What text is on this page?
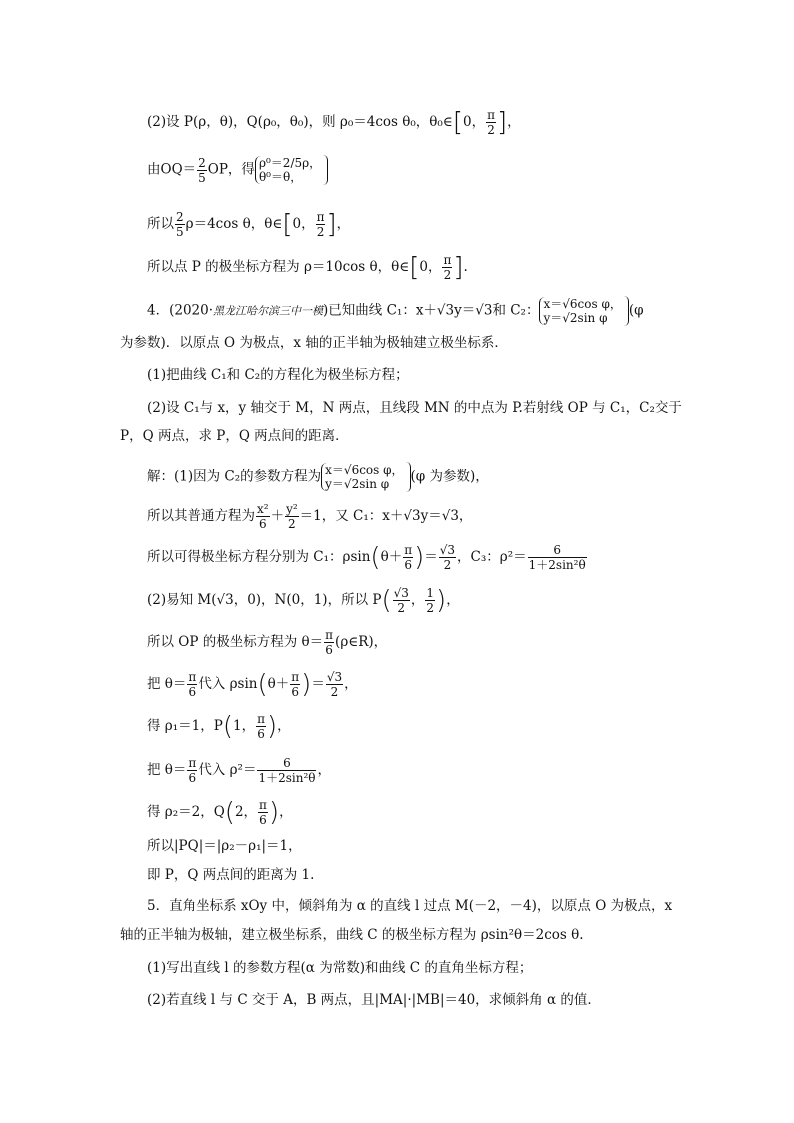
(2)设 P(ρ，θ)，Q(ρ₀，θ₀)，则 ρ₀＝4cos θ₀，θ₀∈[0， $\frac{\pi}{2}$ ]，
由$OQ= \frac{2}{5}$ OP，得 ρ⁰＝2/5ρ，
θ⁰＝θ，
所以 $\frac{2}{5} \rho=4\cos$ θ，θ∈[0， $\frac{\pi}{2}$ ]，
所以点 P 的极坐标方程为 ρ＝10cos θ，θ∈[0， $\frac{\pi}{2}$ ].
4．(2020·黑龙江哈尔滨三中一模)已知曲线 C₁：x＋√3y＝√3和 C₂： x＝√6cos φ，
y＝√2sin φ	(φ
为参数)．以原点 O 为极点，x 轴的正半轴为极轴建立极坐标系．
(1)把曲线 C₁和 C₂的方程化为极坐标方程；
(2)设 C₁与 x，y 轴交于 M，N 两点，且线段 MN 的中点为 P.若射线 OP 与 C₁，C₂交于
P，Q 两点，求 P，Q 两点间的距离．
解：(1)因为 C₂的参数方程为 x＝√6cos φ，
y＝√2sin φ	(φ 为参数)，
所以其普通方程为 $\frac{\text{x²}}{6} + \frac{\text{y²}}{2} =1$，又 C₁：x＋√3y＝√3，
所以可得极坐标方程分别为 C₁：$\rho\sin(\theta+ \frac{\pi}{6}$ )＝ $\frac{√3}{2}$ ，C₃：$\rho^2= \frac{6}{\text{1＋2sin²θ}}$
(2)易知 M(√3，0)，N(0，1)，所以 $P( \frac{√3}{2}$ ， $\frac{1}{2}$ )，
所以 OP 的极坐标方程为 $\theta= \frac{\pi}{6}$ (ρ∈R)，
把 $\theta= \frac{\pi}{6}$ 代入 $\rho\sin(\theta+ \frac{\pi}{6}$ )＝ $\frac{√3}{2}$ ，
得 ρ₁＝1，P(1， $\frac{\pi}{6}$ )，
把 $\theta= \frac{\pi}{6}$ 代入 $\rho^2= \frac{6}{\text{1＋2sin²θ}}$ ，
得 ρ₂＝2，Q(2， $\frac{\pi}{6}$ )，
所以|PQ|＝|ρ₂－ρ₁|＝1，
即 P，Q 两点间的距离为 1.
5．直角坐标系 xOy 中，倾斜角为 α 的直线 l 过点 M(－2，－4)，以原点 O 为极点，x
轴的正半轴为极轴，建立极坐标系，曲线 C 的极坐标方程为 ρsin²θ＝2cos θ.
(1)写出直线 l 的参数方程(α 为常数)和曲线 C 的直角坐标方程；
(2)若直线 l 与 C 交于 A，B 两点，且|MA|·|MB|＝40，求倾斜角 α 的值．
